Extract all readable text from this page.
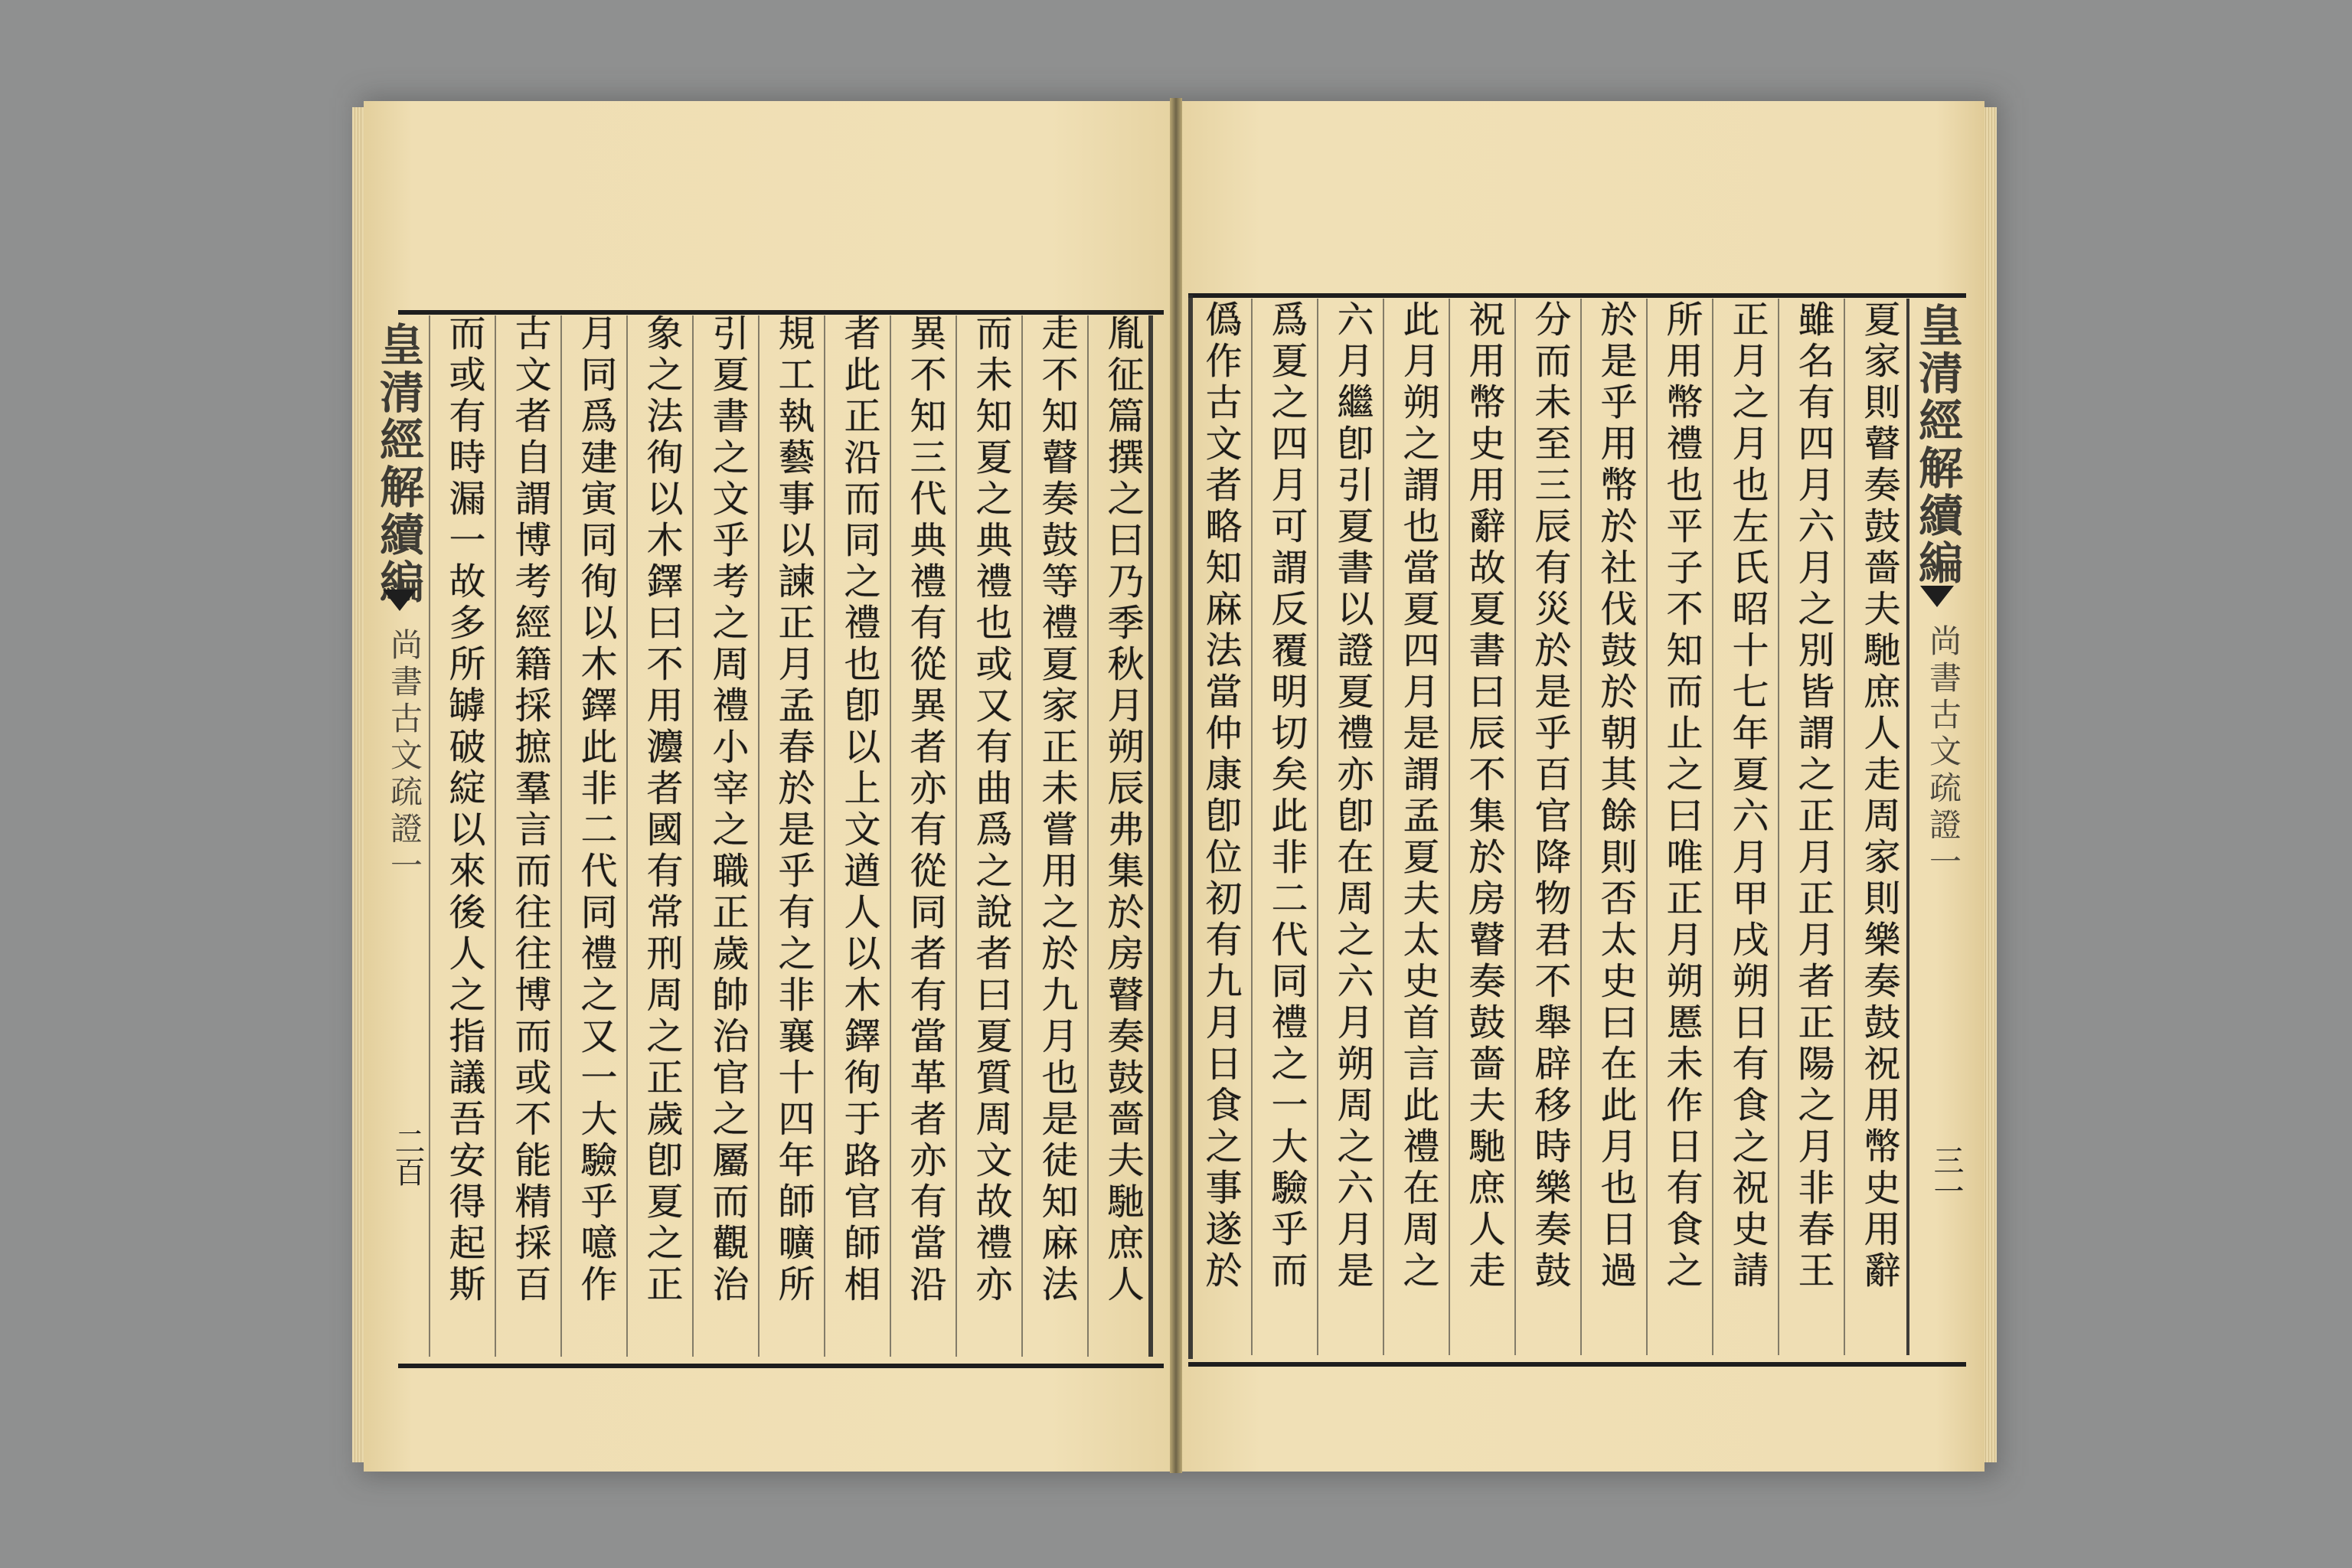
皇清經解續編
尚書古文疏證一
二百	胤征篇撰之曰乃季秋月朔辰弗集於房瞽奏鼓嗇夫馳庶人
走不知瞽奏鼓等禮夏家正未嘗用之於九月也是徒知麻法
而未知夏之典禮也或又有曲爲之說者曰夏質周文故禮亦
異不知三代典禮有從異者亦有從同者有當革者亦有當沿
者此正沿而同之禮也卽以上文遒人以木鐸徇于路官師相
規工執藝事以諫正月孟春於是乎有之非襄十四年師曠所
引夏書之文乎考之周禮小宰之職正歲帥治官之屬而觀治
象之法徇以木鐸曰不用灋者國有常刑周之正歲卽夏之正
月同爲建寅同徇以木鐸此非二代同禮之又一大驗乎噫作
古文者自謂博考經籍採摭羣言而往往博而或不能精採百
而或有時漏一故多所罅破綻以來後人之指議吾安得起斯	皇清經解續編
尚書古文疏證一
三一
夏家則瞽奏鼓嗇夫馳庶人走周家則樂奏鼓祝用幣史用辭
雖名有四月六月之別皆謂之正月正月者正陽之月非春王
正月之月也左氏昭十七年夏六月甲戌朔日有食之祝史請
所用幣禮也平子不知而止之曰唯正月朔慝未作日有食之
於是乎用幣於社伐鼓於朝其餘則否太史曰在此月也日過
分而未至三辰有災於是乎百官降物君不舉辟移時樂奏鼓
祝用幣史用辭故夏書曰辰不集於房瞽奏鼓嗇夫馳庶人走
此月朔之謂也當夏四月是謂孟夏夫太史首言此禮在周之
六月繼卽引夏書以證夏禮亦卽在周之六月朔周之六月是
爲夏之四月可謂反覆明切矣此非二代同禮之一大驗乎而
僞作古文者略知麻法當仲康卽位初有九月日食之事遂於
